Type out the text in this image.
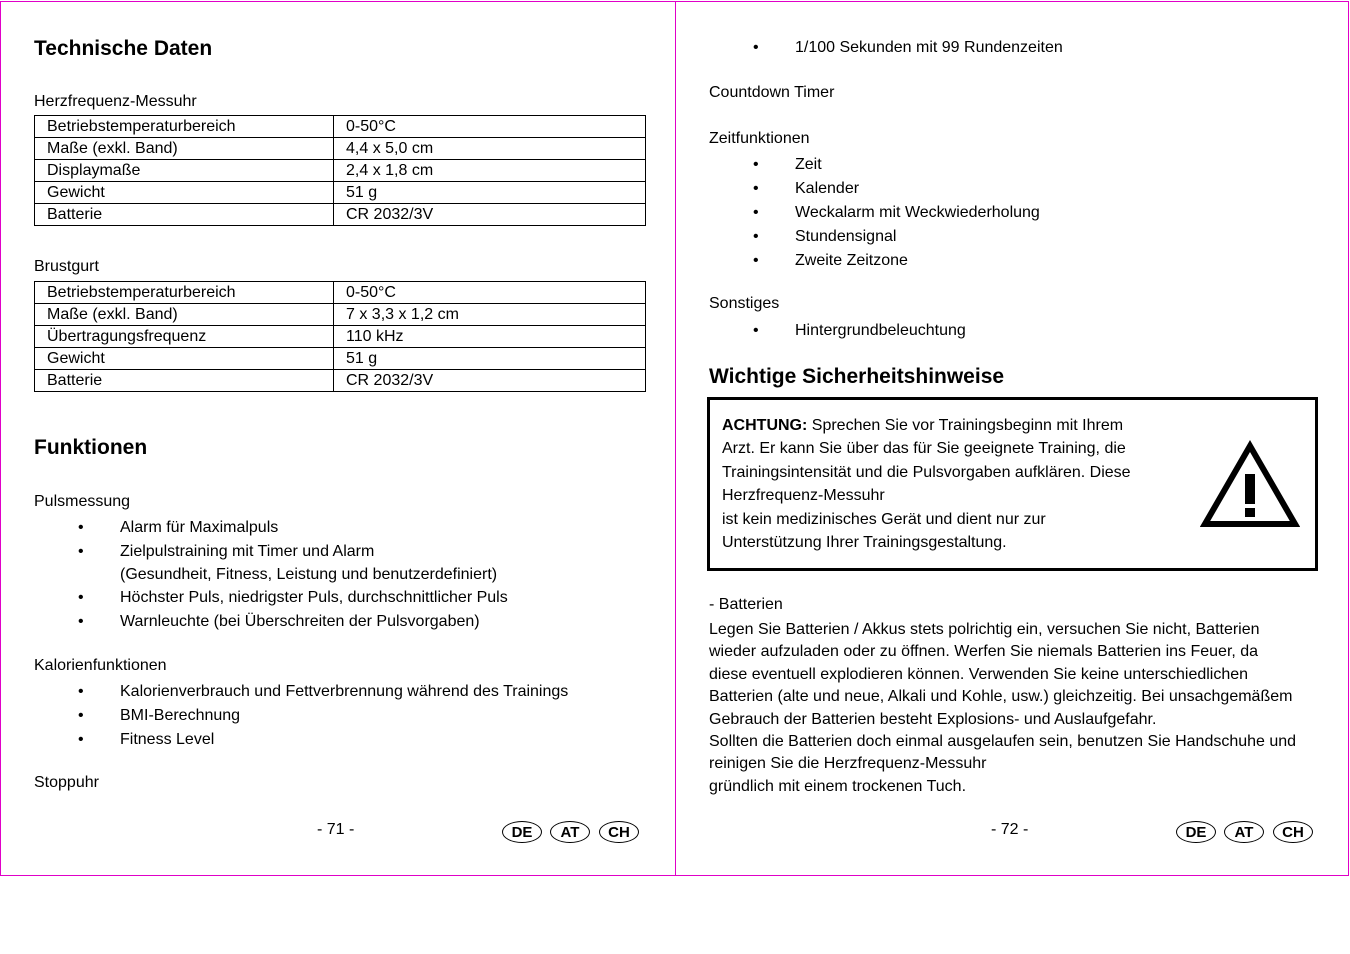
Technische Daten
Herzfrequenz-Messuhr
Betriebstemperaturbereich	0-50°C
Maße (exkl. Band)	4,4 x 5,0 cm
Displaymaße	2,4 x 1,8 cm
Gewicht	51 g
Batterie	CR 2032/3V
Brustgurt
Betriebstemperaturbereich	0-50°C
Maße (exkl. Band)	7 x 3,3 x 1,2 cm
Übertragungsfrequenz	110 kHz
Gewicht	51 g
Batterie	CR 2032/3V
Funktionen
Pulsmessung
• Alarm für Maximalpuls
• Zielpulstraining mit Timer und Alarm
(Gesundheit, Fitness, Leistung und benutzerdefiniert)
• Höchster Puls, niedrigster Puls, durchschnittlicher Puls
• Warnleuchte (bei Überschreiten der Pulsvorgaben)
Kalorienfunktionen
• Kalorienverbrauch und Fettverbrennung während des Trainings
• BMI-Berechnung
• Fitness Level
Stoppuhr
- 71 -	DE	AT	CH
• 1/100 Sekunden mit 99 Rundenzeiten
Countdown Timer
Zeitfunktionen
• Zeit
• Kalender
• Weckalarm mit Weckwiederholung
• Stundensignal
• Zweite Zeitzone
Sonstiges
• Hintergrundbeleuchtung
Wichtige Sicherheitshinweise
ACHTUNG: Sprechen Sie vor Trainingsbeginn mit Ihrem
Arzt. Er kann Sie über das für Sie geeignete Training, die
Trainingsintensität und die Pulsvorgaben aufklären. Diese
Herzfrequenz-Messuhr
ist kein medizinisches Gerät und dient nur zur
Unterstützung Ihrer Trainingsgestaltung.
- Batterien
Legen Sie Batterien / Akkus stets polrichtig ein, versuchen Sie nicht, Batterien
wieder aufzuladen oder zu öffnen. Werfen Sie niemals Batterien ins Feuer, da
diese eventuell explodieren können. Verwenden Sie keine unterschiedlichen
Batterien (alte und neue, Alkali und Kohle, usw.) gleichzeitig. Bei unsachgemäßem
Gebrauch der Batterien besteht Explosions- und Auslaufgefahr.
Sollten die Batterien doch einmal ausgelaufen sein, benutzen Sie Handschuhe und
reinigen Sie die Herzfrequenz-Messuhr
gründlich mit einem trockenen Tuch.
- 72 -	DE	AT	CH
